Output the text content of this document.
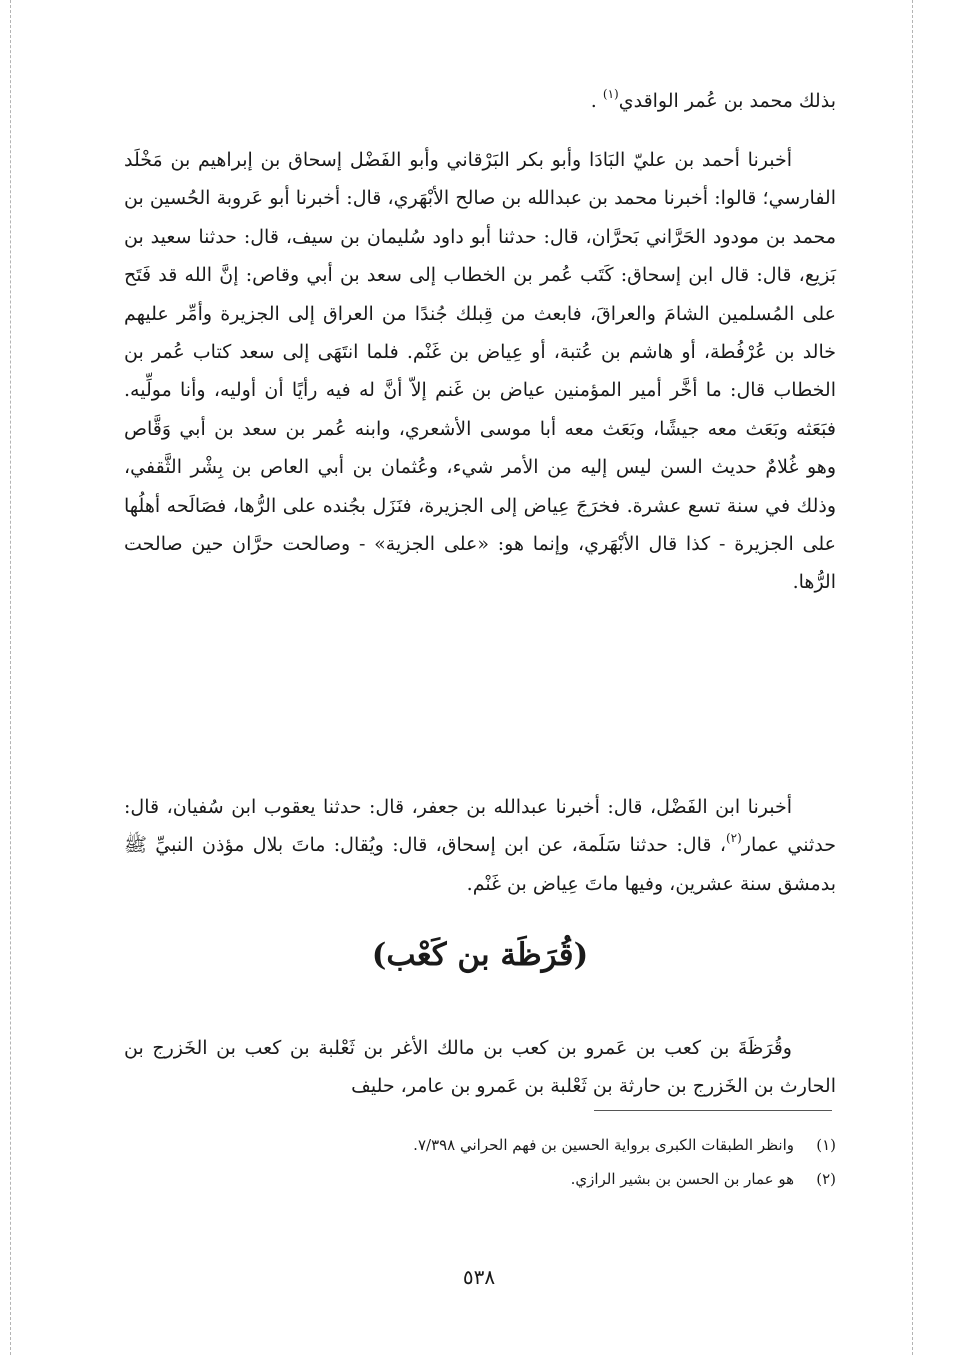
بذلك محمد بن عُمر الواقدي$^{(١)}$ .

أخبرنا أحمد بن عليّ البَادَا وأبو بكر البَرْقاني وأبو الفَضْل إسحاق بن إبراهيم بن مَخْلَد الفارسي؛ قالوا: أخبرنا محمد بن عبدالله بن صالح الأبْهَري، قال: أخبرنا أبو عَروبة الحُسين بن محمد بن مودود الحَرَّاني بَحرَّان، قال: حدثنا أبو داود سُليمان بن سيف، قال: حدثنا سعيد بن بَزيع، قال: قال ابن إسحاق: كَتَب عُمر بن الخطاب إلى سعد بن أبي وقاص: إنَّ الله قد فَتَح على المُسلمين الشامَ والعراقَ، فابعث من قِبلك جُندًا من العراق إلى الجزيرة وأمِّر عليهم خالد بن عُرْفُطة، أو هاشم بن عُتبة، أو عِياض بن غَنْم. فلما انتَهَى إلى سعد كتاب عُمر بن الخطاب قال: ما أخَّر أمير المؤمنين عياض بن غَنم إلاّ أنَّ له فيه رأيًا أن أوليه، وأنا مولِّيه. فبَعَثه وبَعَث معه جيشًا، وبَعَث معه أبا موسى الأشعري، وابنه عُمر بن سعد بن أبي وَقَّاص وهو غُلامٌ حديث السن ليس إليه من الأمر شيء، وعُثمان بن أبي العاص بن بِشْر الثَّقفي، وذلك في سنة تسع عشرة. فخرَجَ عِياض إلى الجزيرة، فنَزَل بجُنده على الرُّها، فصَالَحه أهلُها على الجزيرة - كذا قال الأبْهَري، وإنما هو: «على الجزية» - وصالحت حرَّان حين صالحت الرُّها.

أخبرنا ابن الفَضْل، قال: أخبرنا عبدالله بن جعفر، قال: حدثنا يعقوب ابن سُفيان، قال: حدثني عمار$^{(٢)}$، قال: حدثنا سَلَمة، عن ابن إسحاق، قال: ويُقال: ماتَ بلال مؤذن النبيِّ ﷺ بدمشق سنة عشرين، وفيها ماتَ عِياض بن غَنْم.

(قُرَظَة بن كَعْب)

وقُرَظَةَ بن كعب بن عَمرو بن كعب بن مالك الأغر بن ثَعْلبة بن كعب بن الخَزرج بن الحارث بن الخَزرج بن حارثة بن ثَعْلبة بن عَمرو بن عامر، حليف

(١)وانظر الطبقات الكبرى برواية الحسين بن فهم الحراني ٧/٣٩٨.
(٢)هو عمار بن الحسن بن بشير الرازي.
٥٣٨
